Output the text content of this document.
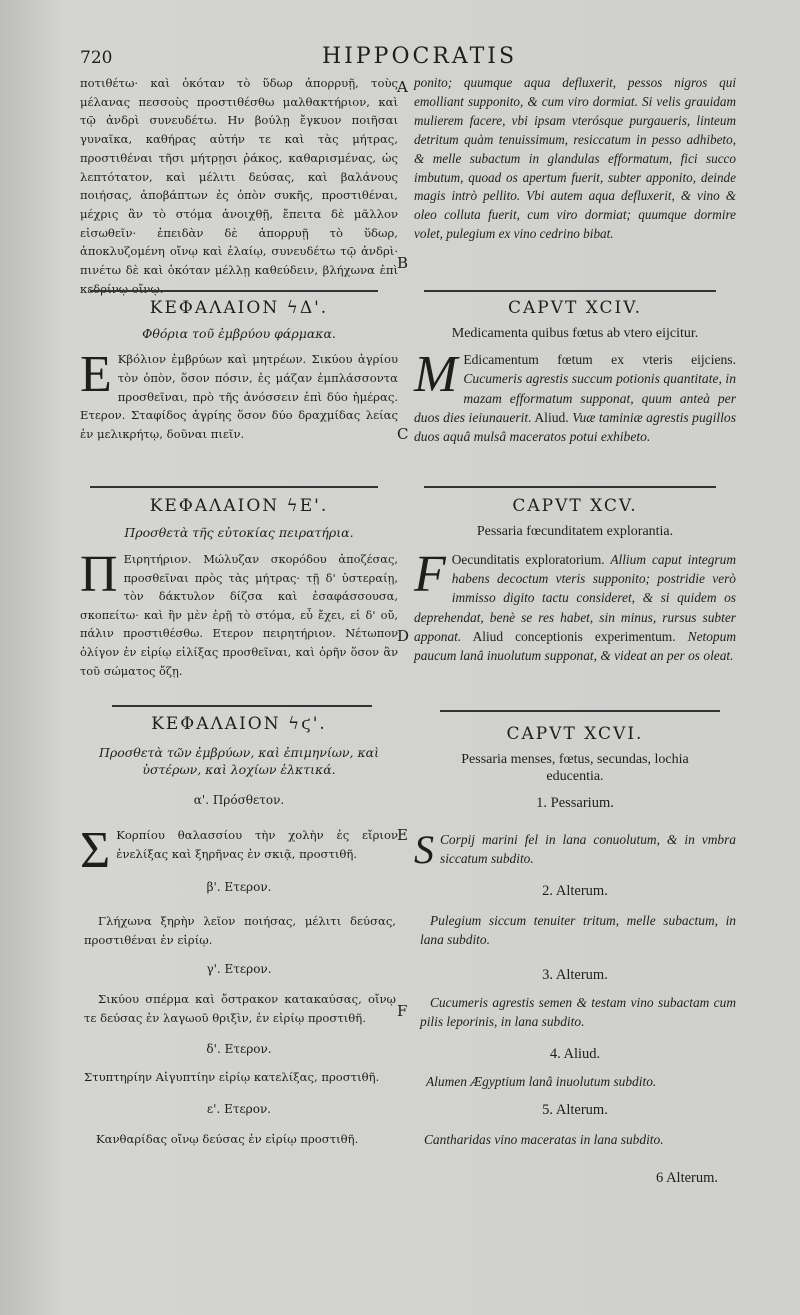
720	HIPPOCRATIS
A
B
C
D
E
F

ποτιθέτω· καὶ ὁκόταν τὸ ὕδωρ ἀπορρυῇ, τοὺς μέλανας πεσσοὺς προστιθέσθω μαλθακτήριον, καὶ τῷ ἀνδρὶ συνευδέτω. Ην βούλῃ ἔγκυον ποιῆσαι γυναῖκα, καθήρας αὐτήν τε καὶ τὰς μήτρας, προστιθέναι τῆσι μήτρῃσι ῥάκος, καθαρισμένας, ὡς λεπτότατον, καὶ μέλιτι δεύσας, καὶ βαλάνους ποιήσας, ἀποβάπτων ἐς ὀπὸν συκῆς, προστιθέναι, μέχρις ἂν τὸ στόμα ἀνοιχθῇ, ἔπειτα δὲ μᾶλλον εἰσωθεῖν· ἐπειδὰν δὲ ἀπορρυῇ τὸ ὕδωρ, ἀποκλυζομένη οἴνῳ καὶ ἐλαίῳ, συνευδέτω τῷ ἀνδρὶ· πινέτω δὲ καὶ ὁκόταν μέλλῃ καθεύδειν, βλήχωνα ἐπὶ κεδρίνῳ οἴνῳ.

ponito; quumque aqua defluxerit, pessos nigros qui emolliant supponito, & cum viro dormiat. Si velis grauidam mulierem facere, vbi ipsam vterósque purgaueris, linteum detritum quàm tenuissimum, resiccatum in pesso adhibeto, & melle subactum in glandulas efformatum, fici succo imbutum, quoad os apertum fuerit, subter apponito, deinde magis intrò pellito. Vbi autem aqua defluxerit, & vino & oleo colluta fuerit, cum viro dormiat; quumque dormire volet, pulegium ex vino cedrino bibat.

ΚΕΦΑΛΑΙΟΝ ϟΔ'.
Φθόρια τοῦ ἐμβρύου φάρμακα.
CAPVT XCIV.
Medicamenta quibus fœtus ab vtero eijcitur.

Ε Κβόλιον ἐμβρύων καὶ μητρέων. Σικύου ἀγρίου τὸν ὀπὸν, ὅσον πόσιν, ἐς μάζαν ἐμπλάσσοντα προσθεῖναι, πρὸ τῆς ἀνόσσειν ἐπὶ δύο ἡμέρας. Ετερον. Σταφίδος ἀγρίης ὅσον δύο δραχμίδας λείας ἐν μελικρήτῳ, δοῦναι πιεῖν.

M Edicamentum fœtum ex vteris eijciens. Cucumeris agrestis succum potionis quantitate, in mazam efformatum supponat, quum anteà per duos dies ieiunauerit. Aliud. Vuæ taminiæ agrestis pugillos duos aquâ mulsâ maceratos potui exhibeto.

ΚΕΦΑΛΑΙΟΝ ϟΕ'.
Προσθετὰ τῆς εὐτοκίας πειρατήρια.
CAPVT XCV.
Pessaria fœcunditatem explorantia.

Π Ειρητήριον. Μώλυζαν σκορόδου ἀποζέσας, προσθεῖναι πρὸς τὰς μήτρας· τῇ δ' ὑστεραίῃ, τὸν δάκτυλον δίζσα καὶ ἐσαφάσσουσα, σκοπείτω· καὶ ἢν μὲν ἐρῇ τὸ στόμα, εὖ ἔχει, εἰ δ' οὔ, πάλιν προστιθέσθω. Ετερον πειρητήριον. Νέτωπον ὀλίγον ἐν εἰρίῳ εἰλίξας προσθεῖναι, καὶ ὁρῆν ὅσον ἂν τοῦ σώματος ὄζῃ.

F Oecunditatis exploratorium. Allium caput integrum habens decoctum vteris supponito; postridie verò immisso digito tactu consideret, & si quidem os deprehendat, benè se res habet, sin minus, rursus subter apponat. Aliud conceptionis experimentum. Netopum paucum lanâ inuolutum supponat, & videat an per os oleat.

ΚΕΦΑΛΑΙΟΝ ϟϛ'.
Προσθετὰ τῶν ἐμβρύων, καὶ ἐπιμηνίων, καὶ ὑστέρων, καὶ λοχίων ἑλκτικά.
CAPVT XCVI.
Pessaria menses, fœtus, secundas, lochia educentia.
α'. Πρόσθετον.

Σ Κορπίου θαλασσίου τὴν χολὴν ἐς εἴριον ἐνελίξας καὶ ξηρῆνας ἐν σκιᾷ, προστιθῆ.

1. Pessarium.

S Corpij marini fel in lana conuolutum, & in vmbra siccatum subdito.

β'. Ετερον.

Γλήχωνα ξηρὴν λεῖον ποιήσας, μέλιτι δεύσας, προστιθέναι ἐν εἰρίῳ.

2. Alterum.

Pulegium siccum tenuiter tritum, melle subactum, in lana subdito.

γ'. Ετερον.

Σικύου σπέρμα καὶ ὄστρακον κατακαύσας, οἴνῳ τε δεύσας ἐν λαγωοῦ θριξὶν, ἐν εἰρίῳ προστιθῆ.

3. Alterum.

Cucumeris agrestis semen & testam vino subactam cum pilis leporinis, in lana subdito.

δ'. Ετερον.

Στυπτηρίην Αἰγυπτίην εἰρίῳ κατελίξας, προστιθῆ.

4. Aliud.

Alumen Ægyptium lanâ inuolutum subdito.

ε'. Ετερον.

Κανθαρίδας οἴνῳ δεύσας ἐν εἰρίῳ προστιθῆ.

5. Alterum.

Cantharidas vino maceratas in lana subdito.

6 Alterum.
